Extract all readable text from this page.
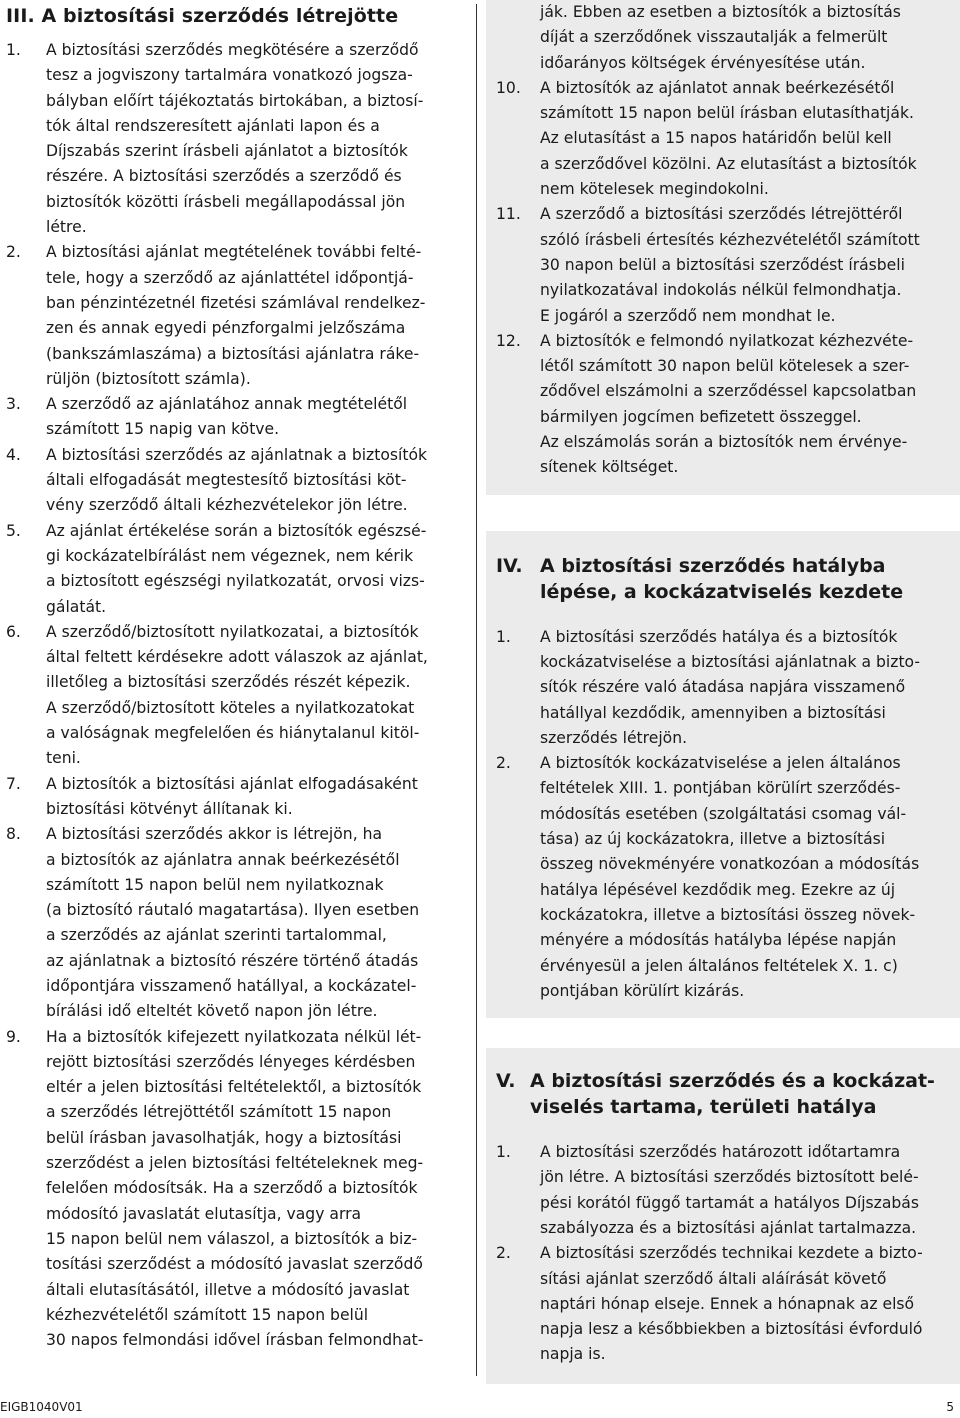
III. A biztosítási szerződés létrejötte
1. A biztosítási szerződés megkötésére a szerződő
tesz a jogviszony tartalmára vonatkozó jogsza-
bályban előírt tájékoztatás birtokában, a biztosí-
tók által rendszeresített ajánlati lapon és a
Díjszabás szerint írásbeli ajánlatot a biztosítók
részére. A biztosítási szerződés a szerződő és
biztosítók közötti írásbeli megállapodással jön
létre.

2. A biztosítási ajánlat megtételének további felté-
tele, hogy a szerződő az ajánlattétel időpontjá-
ban pénzintézetnél fizetési számlával rendelkez-
zen és annak egyedi pénzforgalmi jelzőszáma
(bankszámlaszáma) a biztosítási ajánlatra ráke-
rüljön (biztosított számla).

3. A szerződő az ajánlatához annak megtételétől
számított 15 napig van kötve.

4. A biztosítási szerződés az ajánlatnak a biztosítók
általi elfogadását megtestesítő biztosítási köt-
vény szerződő általi kézhezvételekor jön létre.

5. Az ajánlat értékelése során a biztosítók egészsé-
gi kockázatelbírálást nem végeznek, nem kérik
a biztosított egészségi nyilatkozatát, orvosi vizs-
gálatát.

6. A szerződő/biztosított nyilatkozatai, a biztosítók
által feltett kérdésekre adott válaszok az ajánlat,
illetőleg a biztosítási szerződés részét képezik.
A szerződő/biztosított köteles a nyilatkozatokat
a valóságnak megfelelően és hiánytalanul kitöl-
teni.

7. A biztosítók a biztosítási ajánlat elfogadásaként
biztosítási kötvényt állítanak ki.

8. A biztosítási szerződés akkor is létrejön, ha
a biztosítók az ajánlatra annak beérkezésétől
számított 15 napon belül nem nyilatkoznak
(a biztosító ráutaló magatartása). Ilyen esetben
a szerződés az ajánlat szerinti tartalommal,
az ajánlatnak a biztosító részére történő átadás
időpontjára visszamenő hatállyal, a kockázatel-
bírálási idő elteltét követő napon jön létre.

9. Ha a biztosítók kifejezett nyilatkozata nélkül lét-
rejött biztosítási szerződés lényeges kérdésben
eltér a jelen biztosítási feltételektől, a biztosítók
a szerződés létrejöttétől számított 15 napon
belül írásban javasolhatják, hogy a biztosítási
szerződést a jelen biztosítási feltételeknek meg-
felelően módosítsák. Ha a szerződő a biztosítók
módosító javaslatát elutasítja, vagy arra
15 napon belül nem válaszol, a biztosítók a biz-
tosítási szerződést a módosító javaslat szerződő
általi elutasításától, illetve a módosító javaslat
kézhezvételétől számított 15 napon belül
30 napos felmondási idővel írásban felmondhat-

ják. Ebben az esetben a biztosítók a biztosítás
díját a szerződőnek visszautalják a felmerült
időarányos költségek érvényesítése után.

10. A biztosítók az ajánlatot annak beérkezésétől
számított 15 napon belül írásban elutasíthatják.
Az elutasítást a 15 napos határidőn belül kell
a szerződővel közölni. Az elutasítást a biztosítók
nem kötelesek megindokolni.

11. A szerződő a biztosítási szerződés létrejöttéről
szóló írásbeli értesítés kézhezvételétől számított
30 napon belül a biztosítási szerződést írásbeli
nyilatkozatával indokolás nélkül felmondhatja.
E jogáról a szerződő nem mondhat le.

12. A biztosítók e felmondó nyilatkozat kézhezvéte-
létől számított 30 napon belül kötelesek a szer-
ződővel elszámolni a szerződéssel kapcsolatban
bármilyen jogcímen befizetett összeggel.
Az elszámolás során a biztosítók nem érvénye-
sítenek költséget.

IV. A biztosítási szerződés hatályba
lépése, a kockázatviselés kezdete
1. A biztosítási szerződés hatálya és a biztosítók
kockázatviselése a biztosítási ajánlatnak a bizto-
sítók részére való átadása napjára visszamenő
hatállyal kezdődik, amennyiben a biztosítási
szerződés létrejön.

2. A biztosítók kockázatviselése a jelen általános
feltételek XIII. 1. pontjában körülírt szerződés-
módosítás esetében (szolgáltatási csomag vál-
tása) az új kockázatokra, illetve a biztosítási
összeg növekményére vonatkozóan a módosítás
hatálya lépésével kezdődik meg. Ezekre az új
kockázatokra, illetve a biztosítási összeg növek-
ményére a módosítás hatályba lépése napján
érvényesül a jelen általános feltételek X. 1. c)
pontjában körülírt kizárás.

V. A biztosítási szerződés és a kockázat-
viselés tartama, területi hatálya
1. A biztosítási szerződés határozott időtartamra
jön létre. A biztosítási szerződés biztosított belé-
pési korától függő tartamát a hatályos Díjszabás
szabályozza és a biztosítási ajánlat tartalmazza.

2. A biztosítási szerződés technikai kezdete a bizto-
sítási ajánlat szerződő általi aláírását követő
naptári hónap elseje. Ennek a hónapnak az első
napja lesz a későbbiekben a biztosítási évforduló
napja is.

EIGB1040V01	5
